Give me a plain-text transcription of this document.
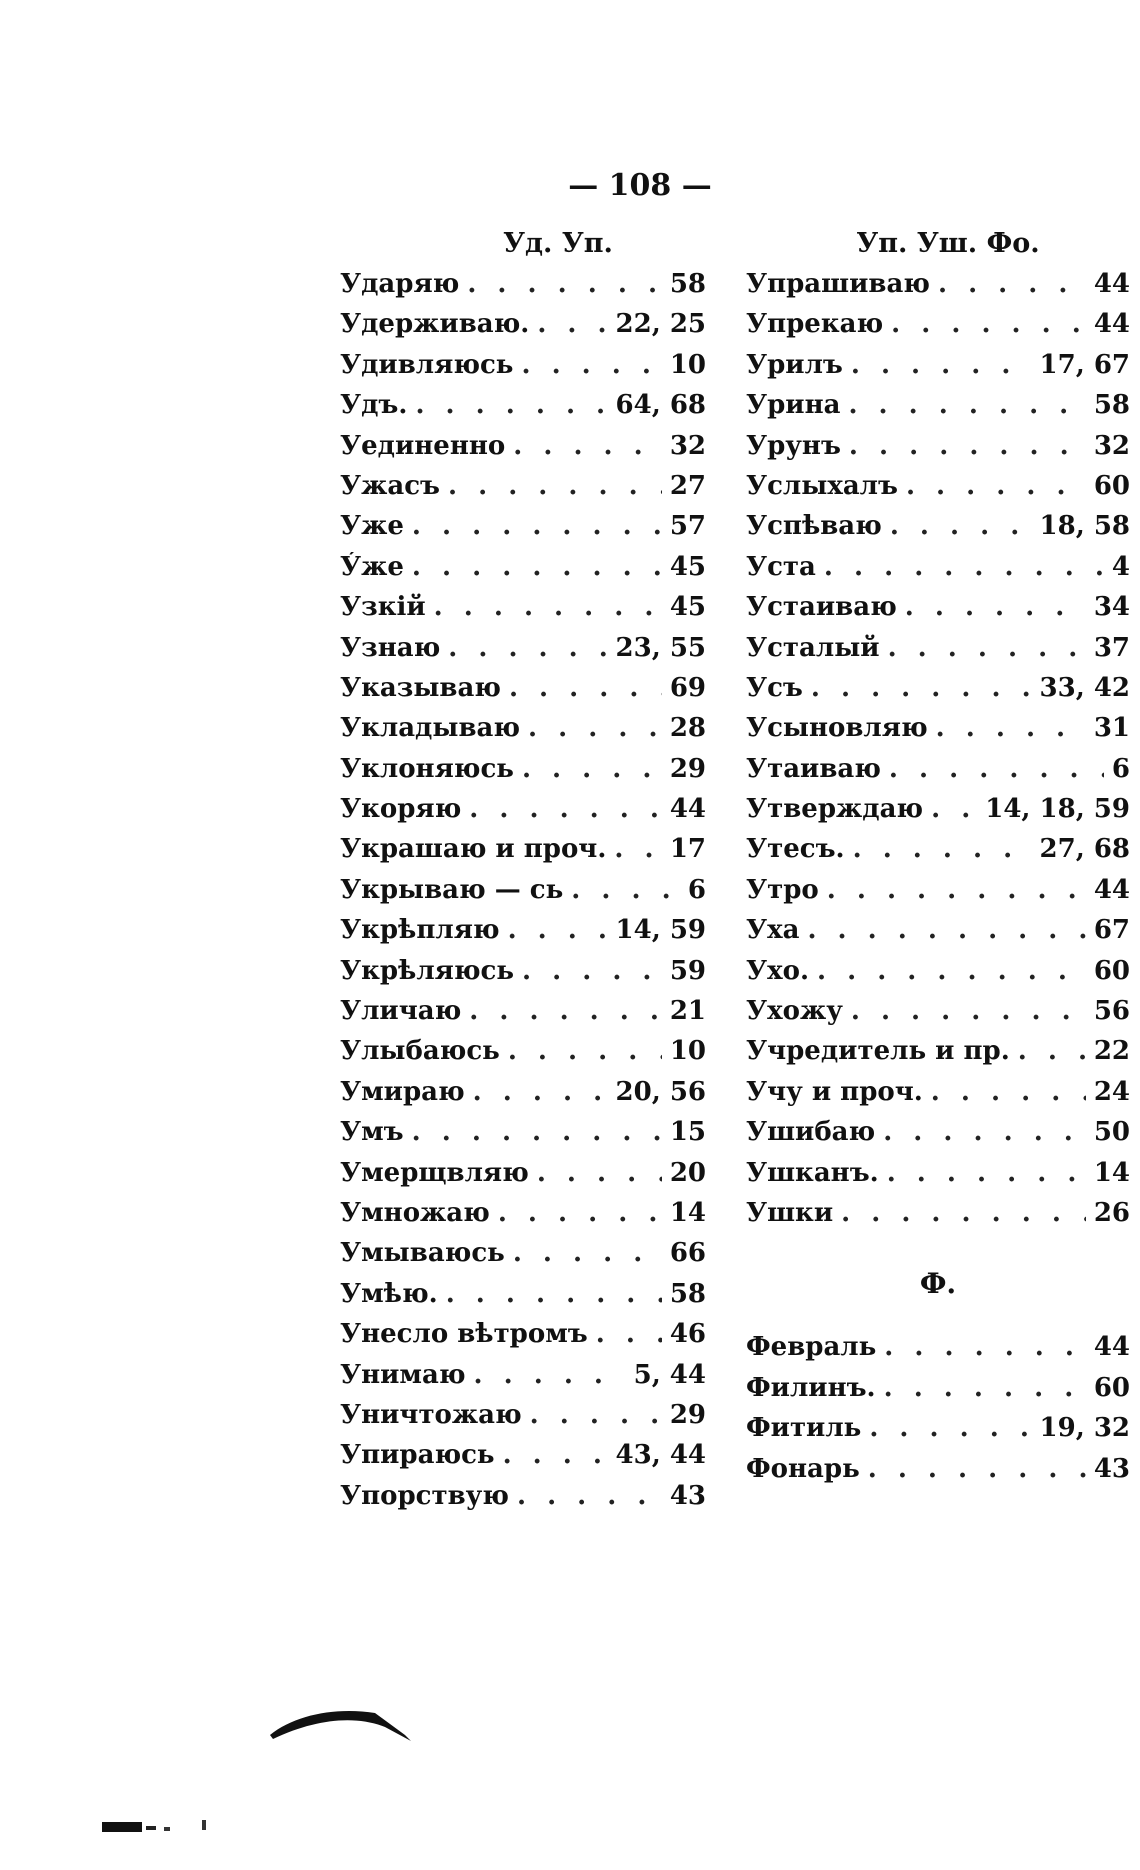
— 108 —
Уд. Уп.
Ударяю . . .	58
Удерживаю. . . .	22, 25
Удивляюсь . . .	10
Удъ. . . .	64, 68
Уединенно . . .	32
Ужасъ . . .	27
Уже . . .	57
У́же . . .	45
Узкій . . .	45
Узнаю . . .	23, 55
Указываю . . .	69
Укладываю . . .	28
Уклоняюсь . . .	29
Укоряю . . .	44
Украшаю и проч. . . . 17
Укрываю — сь . . .	6
Укрѣпляю . . .	14, 59
Укрѣляюсь . . .	59
Уличаю . . .	21
Улыбаюсь . . .	10
Умираю . . .	20, 56
Умъ . . .	15
Умерщвляю . . .	20
Умножаю . . .	14
Умываюсь . . .	66
Умѣю. . . .	58
Унесло вѣтромъ . . .	46
Унимаю . . .	5, 44
Уничтожаю . . .	29
Упираюсь . . .	43, 44
Упорствую . . .	43
Уп. Уш. Фо.
Упрашиваю . . .	44
Упрекаю . . .	44
Урилъ . . .	17, 67
Урина . . .	58
Урунъ . . .	32
Услыхалъ . . .	60
Успѣваю . . .	18, 58
Уста . . .	4
Устаиваю . . .	34
Усталый . . .	37
Усъ . . .	33, 42
Усыновляю . . .	31
Утаиваю . . .	6
Утверждаю . . . 14, 18, 59
Утесъ. . . .	27, 68
Утро . . .	44
Уха . . .	67
Ухо. . . .	60
Ухожу . . .	56
Учредитель и пр. . . .	22
Учу и проч. . . .	24
Ушибаю . . .	50
Ушканъ. . . .	14
Ушки . . .	26
Ф.
Февраль . . .	44
Филинъ. . . .	60
Фитиль . . .	19, 32
Фонарь . . .	43
